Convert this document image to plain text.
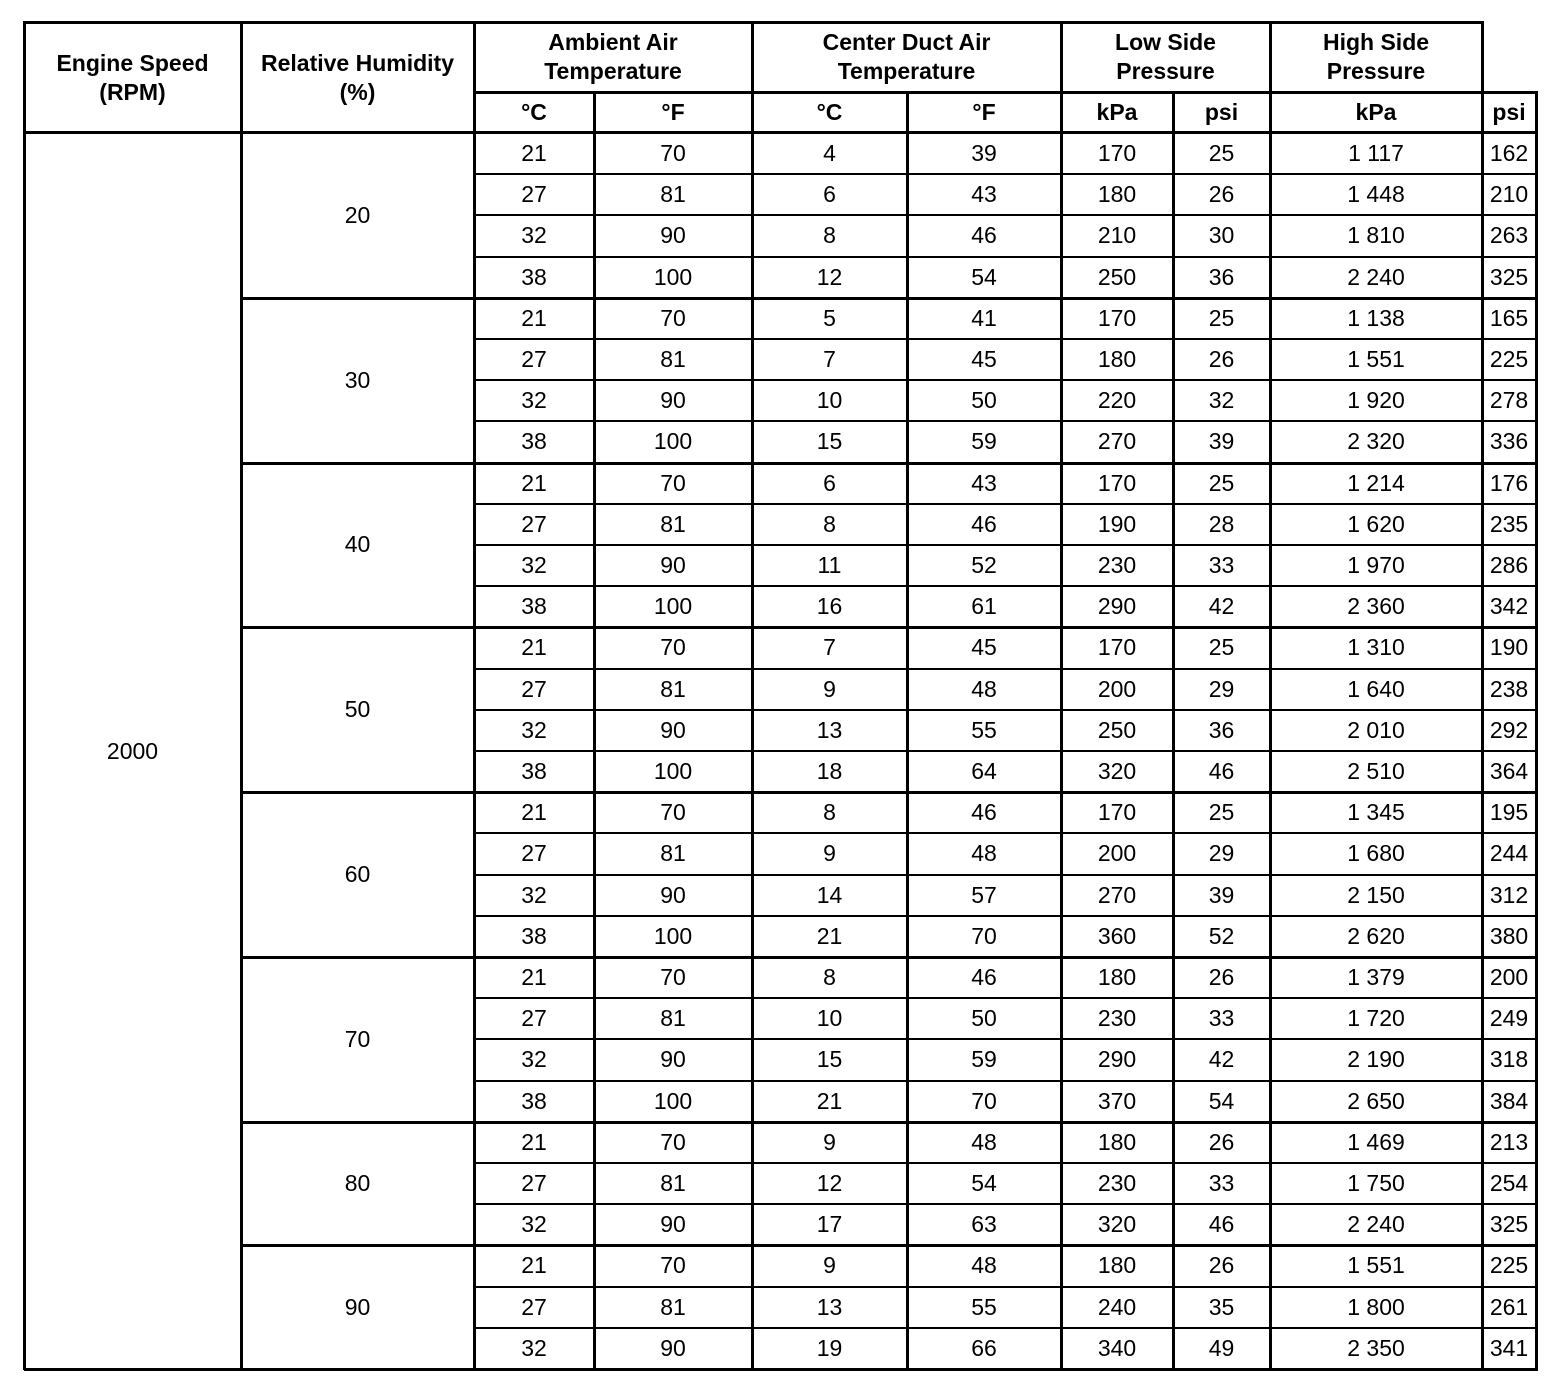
Engine Speed
(RPM)
Relative Humidity
(%)
Ambient Air
Temperature
Center Duct Air
Temperature
Low Side
Pressure
High Side
Pressure
°C	°F	°C	°F	kPa	psi	kPa	psi
2000
20
21	70	4	39	170	25	1 117	162
27	81	6	43	180	26	1 448	210
32	90	8	46	210	30	1 810	263
38	100	12	54	250	36	2 240	325
30
21	70	5	41	170	25	1 138	165
27	81	7	45	180	26	1 551	225
32	90	10	50	220	32	1 920	278
38	100	15	59	270	39	2 320	336
40
21	70	6	43	170	25	1 214	176
27	81	8	46	190	28	1 620	235
32	90	11	52	230	33	1 970	286
38	100	16	61	290	42	2 360	342
50
21	70	7	45	170	25	1 310	190
27	81	9	48	200	29	1 640	238
32	90	13	55	250	36	2 010	292
38	100	18	64	320	46	2 510	364
60
21	70	8	46	170	25	1 345	195
27	81	9	48	200	29	1 680	244
32	90	14	57	270	39	2 150	312
38	100	21	70	360	52	2 620	380
70
21	70	8	46	180	26	1 379	200
27	81	10	50	230	33	1 720	249
32	90	15	59	290	42	2 190	318
38	100	21	70	370	54	2 650	384
80
21	70	9	48	180	26	1 469	213
27	81	12	54	230	33	1 750	254
32	90	17	63	320	46	2 240	325
90
21	70	9	48	180	26	1 551	225
27	81	13	55	240	35	1 800	261
32	90	19	66	340	49	2 350	341
